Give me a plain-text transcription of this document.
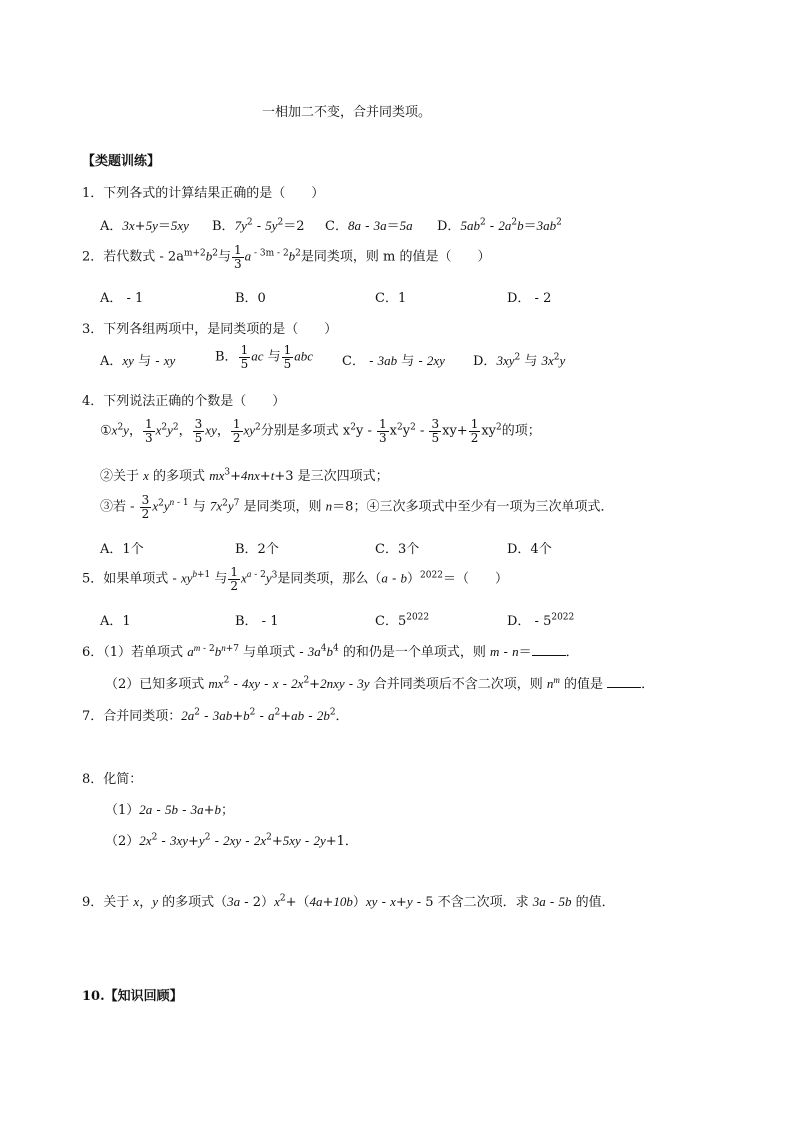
一相加二不变，合并同类项。
【类题训练】
1．下列各式的计算结果正确的是（　　）
A．3x+5y＝5xy B．$7y^2 - 5y^2=2$ C．8a - 3a＝5a D．$5ab^2 - 2a^2b=3ab^2$
2．若代数式 - $2a^{m+2}b^2$与 $\frac{1}{3}$ a $^{- 3m - 2}b^2$是同类项，则 m 的值是（　　）
A． - 1	B．0	C．1	D． - 2
3．下列各组两项中，是同类项的是（　　）
A．xy 与 - xy	B． $\frac{1}{5}$ ac 与 $\frac{1}{5}$ abc C． - 3ab 与 - 2xy D．$3xy^2$ 与 $3x^2y$
4．下列说法正确的个数是（　　）
$①x^2y$， $\frac{1}{3} x^2y^2$， $\frac{3}{5}$ xy， $\frac{1}{2} xy^2$分别是多项式 $x^2y - \frac{1}{3} x^2y^2 - \frac{3}{5} xy+ \frac{1}{2} xy^2$的项；
②关于 x 的多项式 $mx^3+4nx+t+3$ 是三次四项式；
③若 - $\frac{3}{2} x^2y^{n - 1}$ 与 $7x^2y^7$ 是同类项，则 n＝8；④三次多项式中至少有一项为三次单项式．
A．1个	B．2个	C．3个	D．4个
5．如果单项式 - $xy^{b+1}$ 与 $\frac{1}{2} x^{a - 2}y^3$是同类项，那么（a - b）$^{2022}$＝（　　）
A．1	B． - 1	C．$5^{2022}$	D． - $5^{2022}$
6．（1）若单项式 $a^{m - 2}b^{n+7}$ 与单项式 - $3a^4b^4$ 的和仍是一个单项式，则 m - n＝	．
（2）已知多项式 $mx^2 - 4xy - x - 2x^2+2nxy - 3y$ 合并同类项后不含二次项，则 $n^m$ 的值是	．
7．合并同类项：$2a^2 - 3ab+b^2 - a^2+ab - 2b^2$．
8．化简：
（1）2a - 5b - 3a+b；
$(2)2x^2 - 3xy+y^2 - 2xy - 2x^2+5xy - 2y+1$．
9．关于 x，y 的多项式$(3a - 2)x^2+(4a+10b)xy - x+y - 5$ 不含二次项．求 3a - 5b 的值．
10.【知识回顾】
